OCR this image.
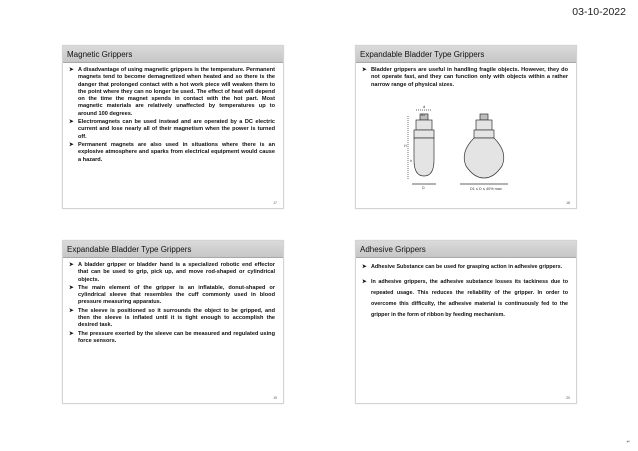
03-10-2022
Magnetic Grippers
➤ A disadvantage of using magnetic grippers is the temperature. Permanent magnets tend to become demagnetized when heated and so there is the danger that prolonged contact with a hot work piece will weaken them to the point where they can no longer be used. The effect of heat will depend on the time the magnet spends in contact with the hot part. Most magnetic materials are relatively unaffected by temperatures up to around 100 degrees.
➤ Electromagnets can be used instead and are operated by a DC electric current and lose nearly all of their magnetism when the power is turned off.
➤ Permanent magnets are also used in situations where there is an explosive atmosphere and sparks from electrical equipment would cause a hazard.
17
Expandable Bladder Type Grippers
➤ Bladder grippers are useful in handling fragile objects. However, they do not operate fast, and they can function only with objects within a rather narrow range of physical sizes.
d
d1
H
h
D	D1 ≤ D ≤ 40% max
18
Expandable Bladder Type Grippers
➤ A bladder gripper or bladder hand is a specialized robotic end effector that can be used to grip, pick up, and move rod-shaped or cylindrical objects.
➤ The main element of the gripper is an inflatable, donut-shaped or cylindrical sleeve that resembles the cuff commonly used in blood pressure measuring apparatus.
➤ The sleeve is positioned so it surrounds the object to be gripped, and then the sleeve is inflated until it is tight enough to accomplish the desired task.
➤ The pressure exerted by the sleeve can be measured and regulated using force sensors.
19
Adhesive Grippers
➤ Adhesive Substance can be used for grasping action in adhesive grippers.
➤ In adhesive grippers, the adhesive substance losses its tackiness due to repeated usage. This reduces the reliability of the gripper. In order to overcome this difficulty, the adhesive material is continuously fed to the gripper in the form of ribbon by feeding mechanism.
20
⌐
